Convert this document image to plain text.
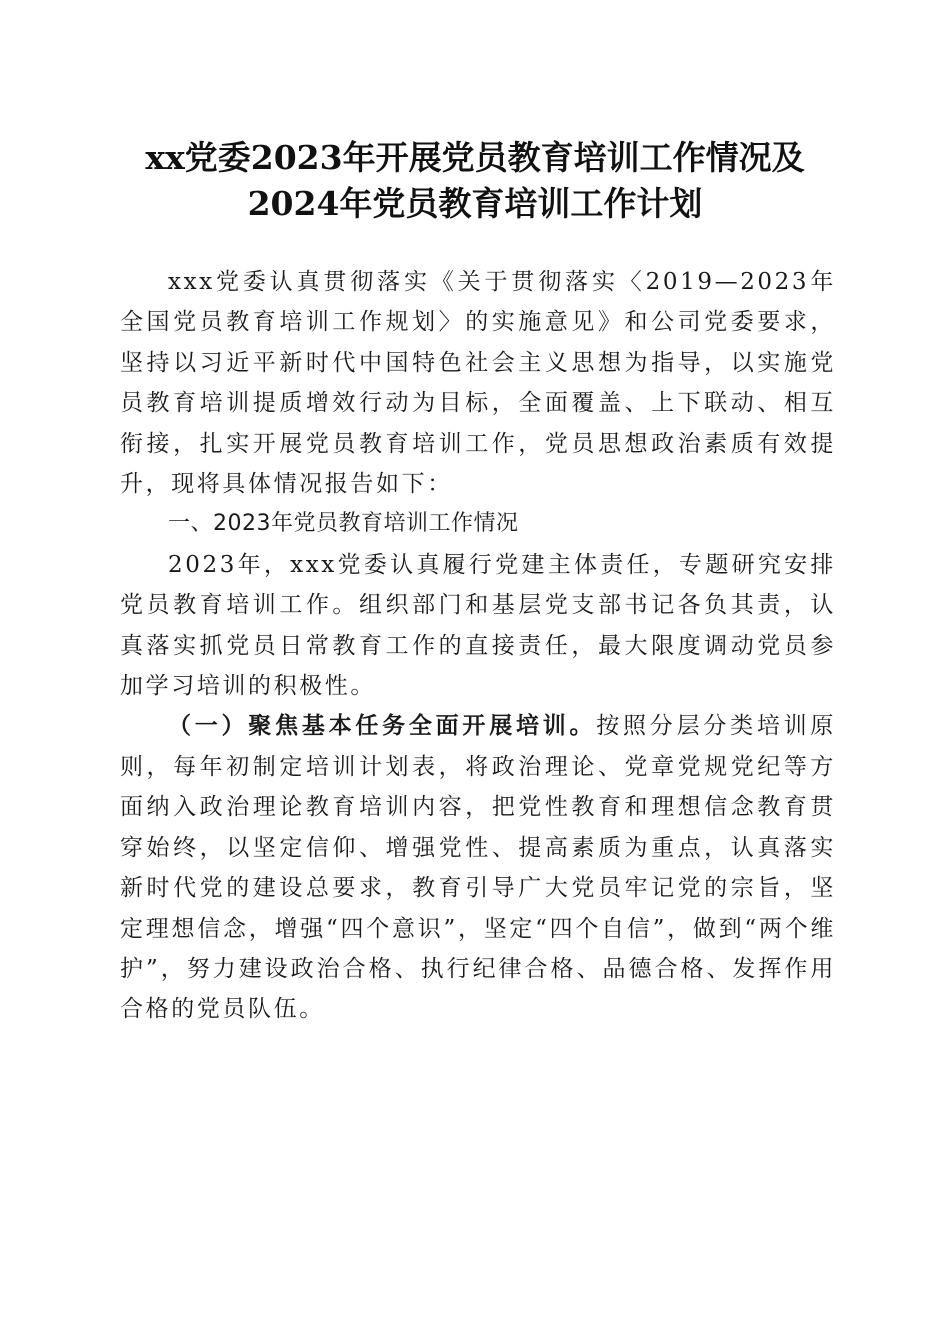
xx党委2023年开展党员教育培训工作情况及
2024年党员教育培训工作计划

xxx党委认真贯彻落实《关于贯彻落实〈2019—2023年全国党员教育培训工作规划〉的实施意见》和公司党委要求，坚持以习近平新时代中国特色社会主义思想为指导，以实施党员教育培训提质增效行动为目标，全面覆盖、上下联动、相互衔接，扎实开展党员教育培训工作，党员思想政治素质有效提升，现将具体情况报告如下：

一、2023年党员教育培训工作情况

2023年，xxx党委认真履行党建主体责任，专题研究安排党员教育培训工作。组织部门和基层党支部书记各负其责，认真落实抓党员日常教育工作的直接责任，最大限度调动党员参加学习培训的积极性。

（一）聚焦基本任务全面开展培训。按照分层分类培训原则，每年初制定培训计划表，将政治理论、党章党规党纪等方面纳入政治理论教育培训内容，把党性教育和理想信念教育贯穿始终，以坚定信仰、增强党性、提高素质为重点，认真落实新时代党的建设总要求，教育引导广大党员牢记党的宗旨，坚定理想信念，增强“四个意识”，坚定“四个自信”，做到“两个维护”，努力建设政治合格、执行纪律合格、品德合格、发挥作用合格的党员队伍。
